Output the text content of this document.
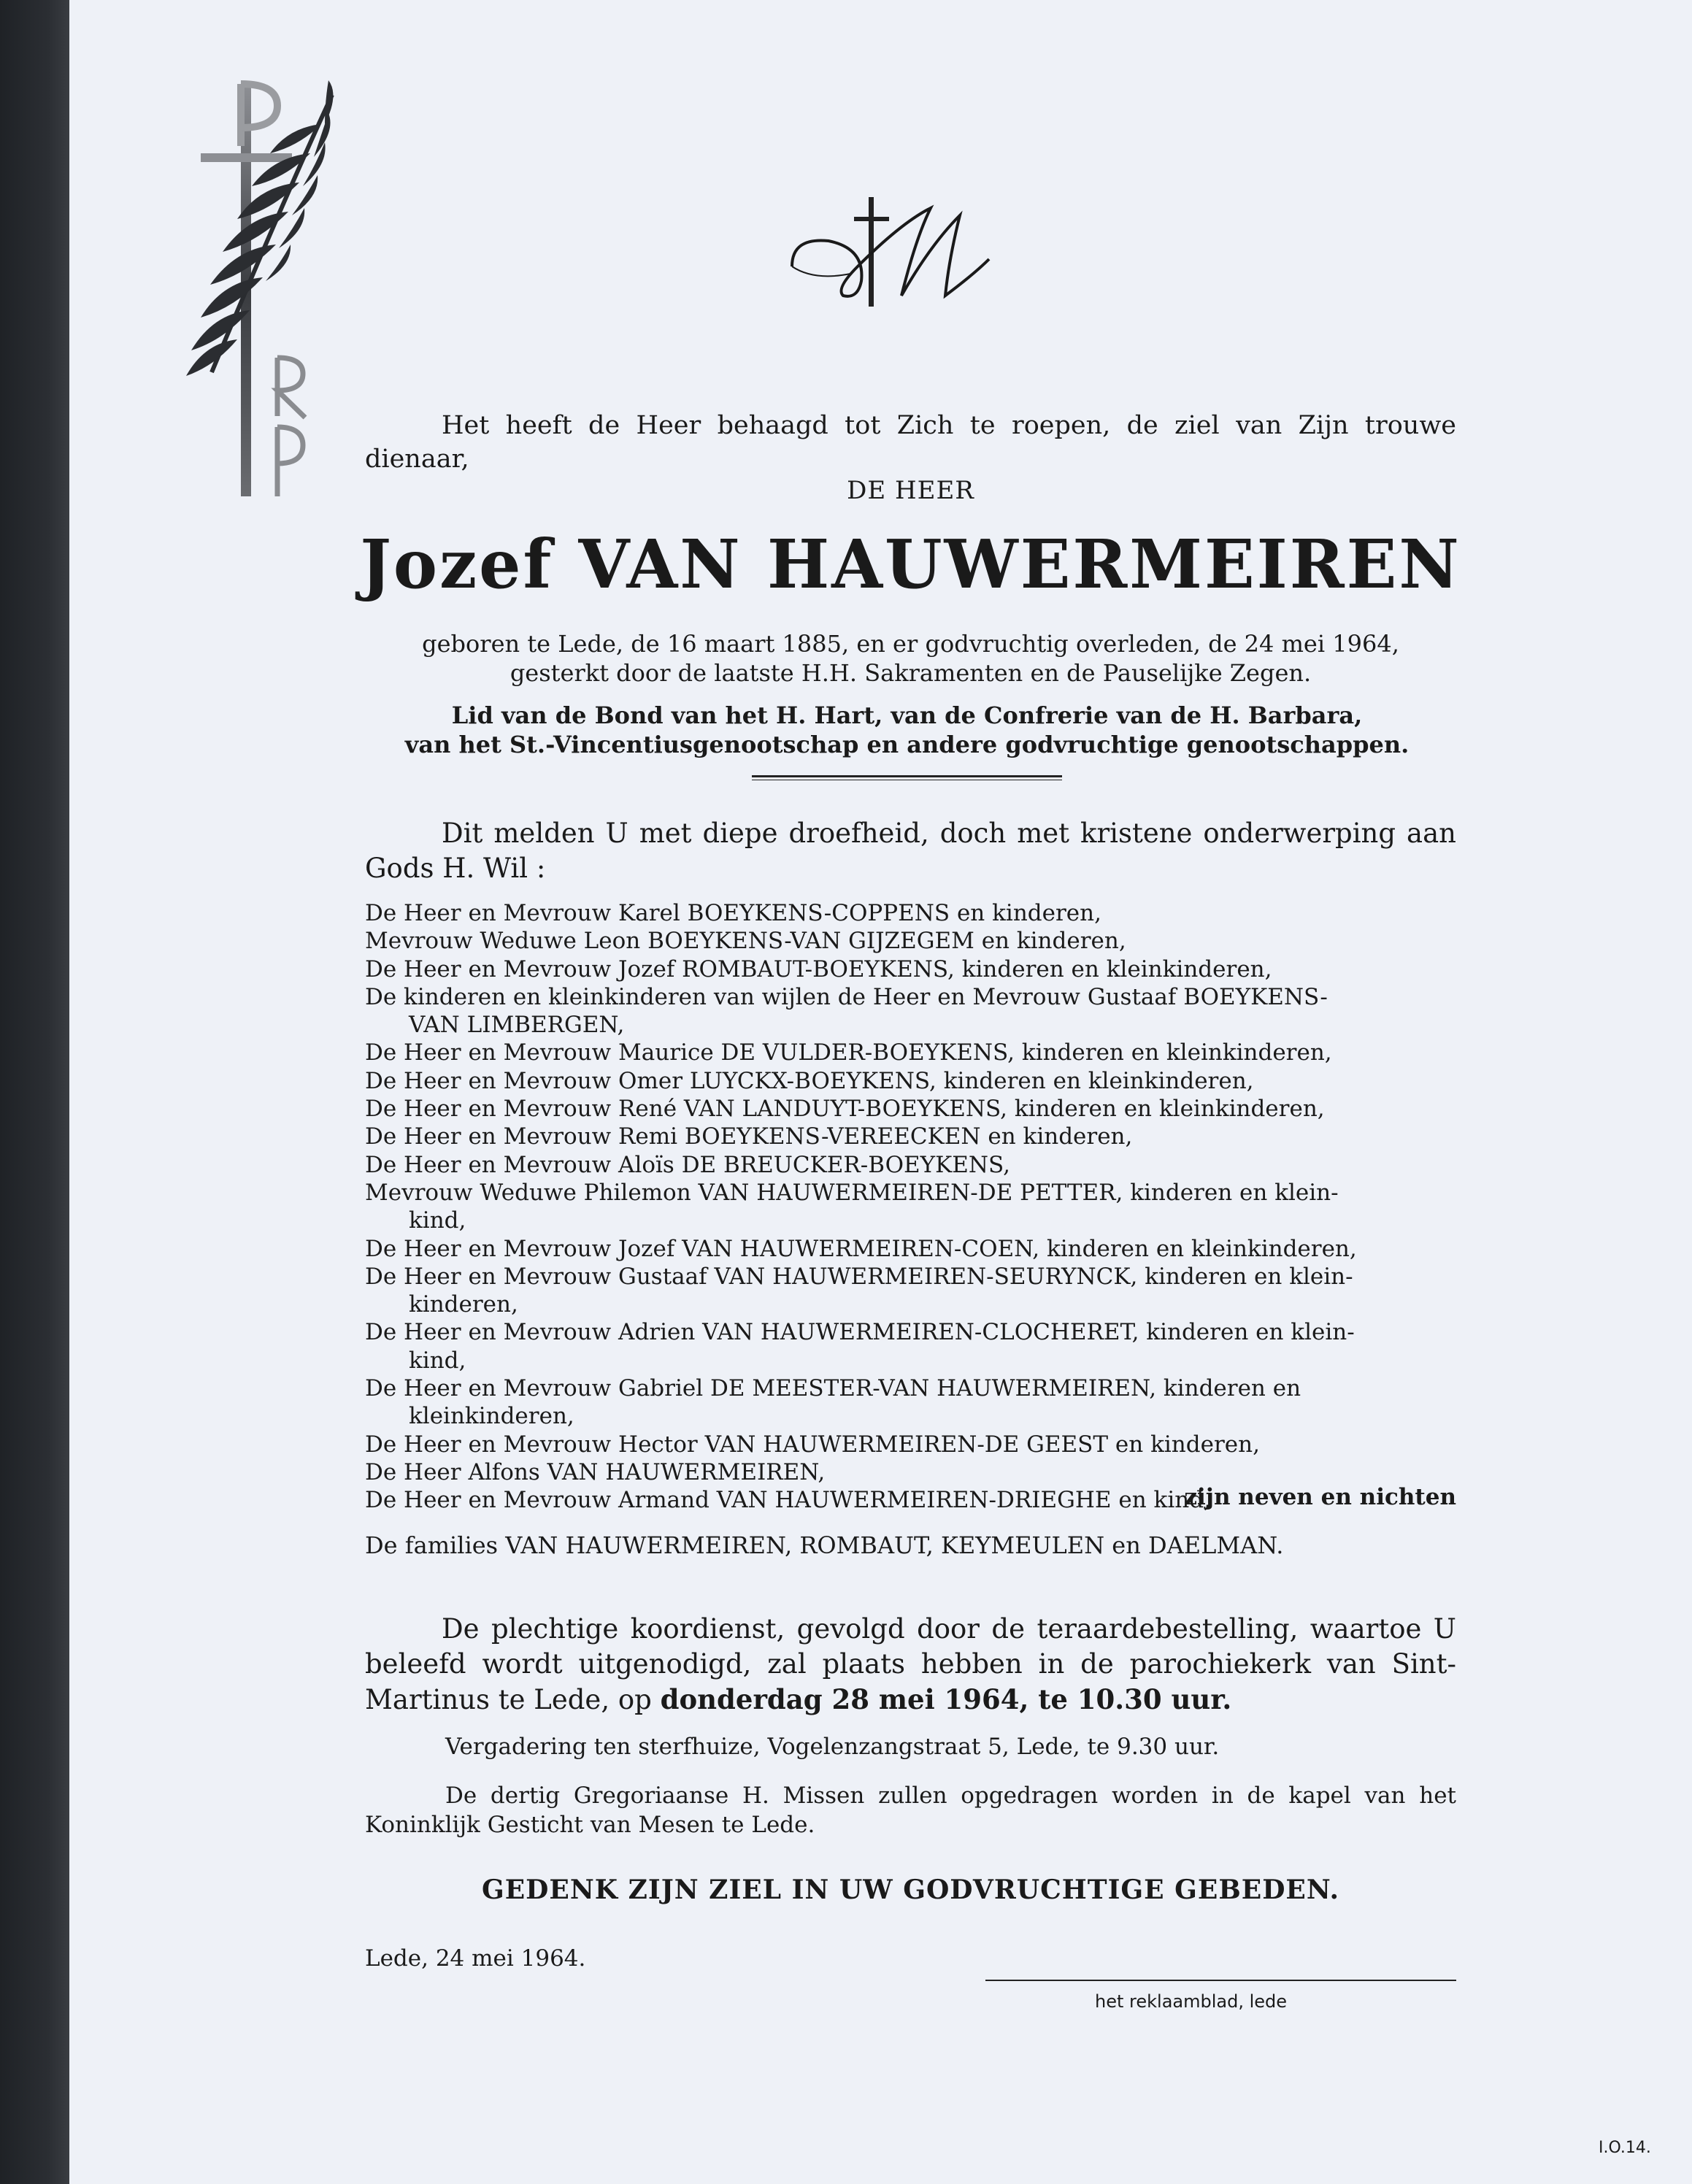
Het heeft de Heer behaagd tot Zich te roepen, de ziel van Zijn trouwe dienaar,
DE HEER
Jozef VAN HAUWERMEIREN
geboren te Lede, de 16 maart 1885, en er godvruchtig overleden, de 24 mei 1964,
gesterkt door de laatste H.H. Sakramenten en de Pauselijke Zegen.
Lid van de Bond van het H. Hart, van de Confrerie van de H. Barbara,
van het St.-Vincentiusgenootschap en andere godvruchtige genootschappen.
Dit melden U met diepe droefheid, doch met kristene onderwerping aan Gods H. Wil :
De Heer en Mevrouw Karel BOEYKENS-COPPENS en kinderen,
Mevrouw Weduwe Leon BOEYKENS-VAN GIJZEGEM en kinderen,
De Heer en Mevrouw Jozef ROMBAUT-BOEYKENS, kinderen en kleinkinderen,
De kinderen en kleinkinderen van wijlen de Heer en Mevrouw Gustaaf BOEYKENS-
VAN LIMBERGEN,
De Heer en Mevrouw Maurice DE VULDER-BOEYKENS, kinderen en kleinkinderen,
De Heer en Mevrouw Omer LUYCKX-BOEYKENS, kinderen en kleinkinderen,
De Heer en Mevrouw René VAN LANDUYT-BOEYKENS, kinderen en kleinkinderen,
De Heer en Mevrouw Remi BOEYKENS-VEREECKEN en kinderen,
De Heer en Mevrouw Aloïs DE BREUCKER-BOEYKENS,
Mevrouw Weduwe Philemon VAN HAUWERMEIREN-DE PETTER, kinderen en klein-
kind,
De Heer en Mevrouw Jozef VAN HAUWERMEIREN-COEN, kinderen en kleinkinderen,
De Heer en Mevrouw Gustaaf VAN HAUWERMEIREN-SEURYNCK, kinderen en klein-
kinderen,
De Heer en Mevrouw Adrien VAN HAUWERMEIREN-CLOCHERET, kinderen en klein-
kind,
De Heer en Mevrouw Gabriel DE MEESTER-VAN HAUWERMEIREN, kinderen en
kleinkinderen,
De Heer en Mevrouw Hector VAN HAUWERMEIREN-DE GEEST en kinderen,
De Heer Alfons VAN HAUWERMEIREN,
De Heer en Mevrouw Armand VAN HAUWERMEIREN-DRIEGHE en kind,
zijn neven en nichten
De families VAN HAUWERMEIREN, ROMBAUT, KEYMEULEN en DAELMAN.
De plechtige koordienst, gevolgd door de teraardebestelling, waartoe U beleefd wordt uitgenodigd, zal plaats hebben in de parochiekerk van Sint-Martinus te Lede, op donderdag 28 mei 1964, te 10.30 uur.
Vergadering ten sterfhuize, Vogelenzangstraat 5, Lede, te 9.30 uur.
De dertig Gregoriaanse H. Missen zullen opgedragen worden in de kapel van het Koninklijk Gesticht van Mesen te Lede.
GEDENK ZIJN ZIEL IN UW GODVRUCHTIGE GEBEDEN.
Lede, 24 mei 1964.
het reklaamblad, lede
I.O.14.
